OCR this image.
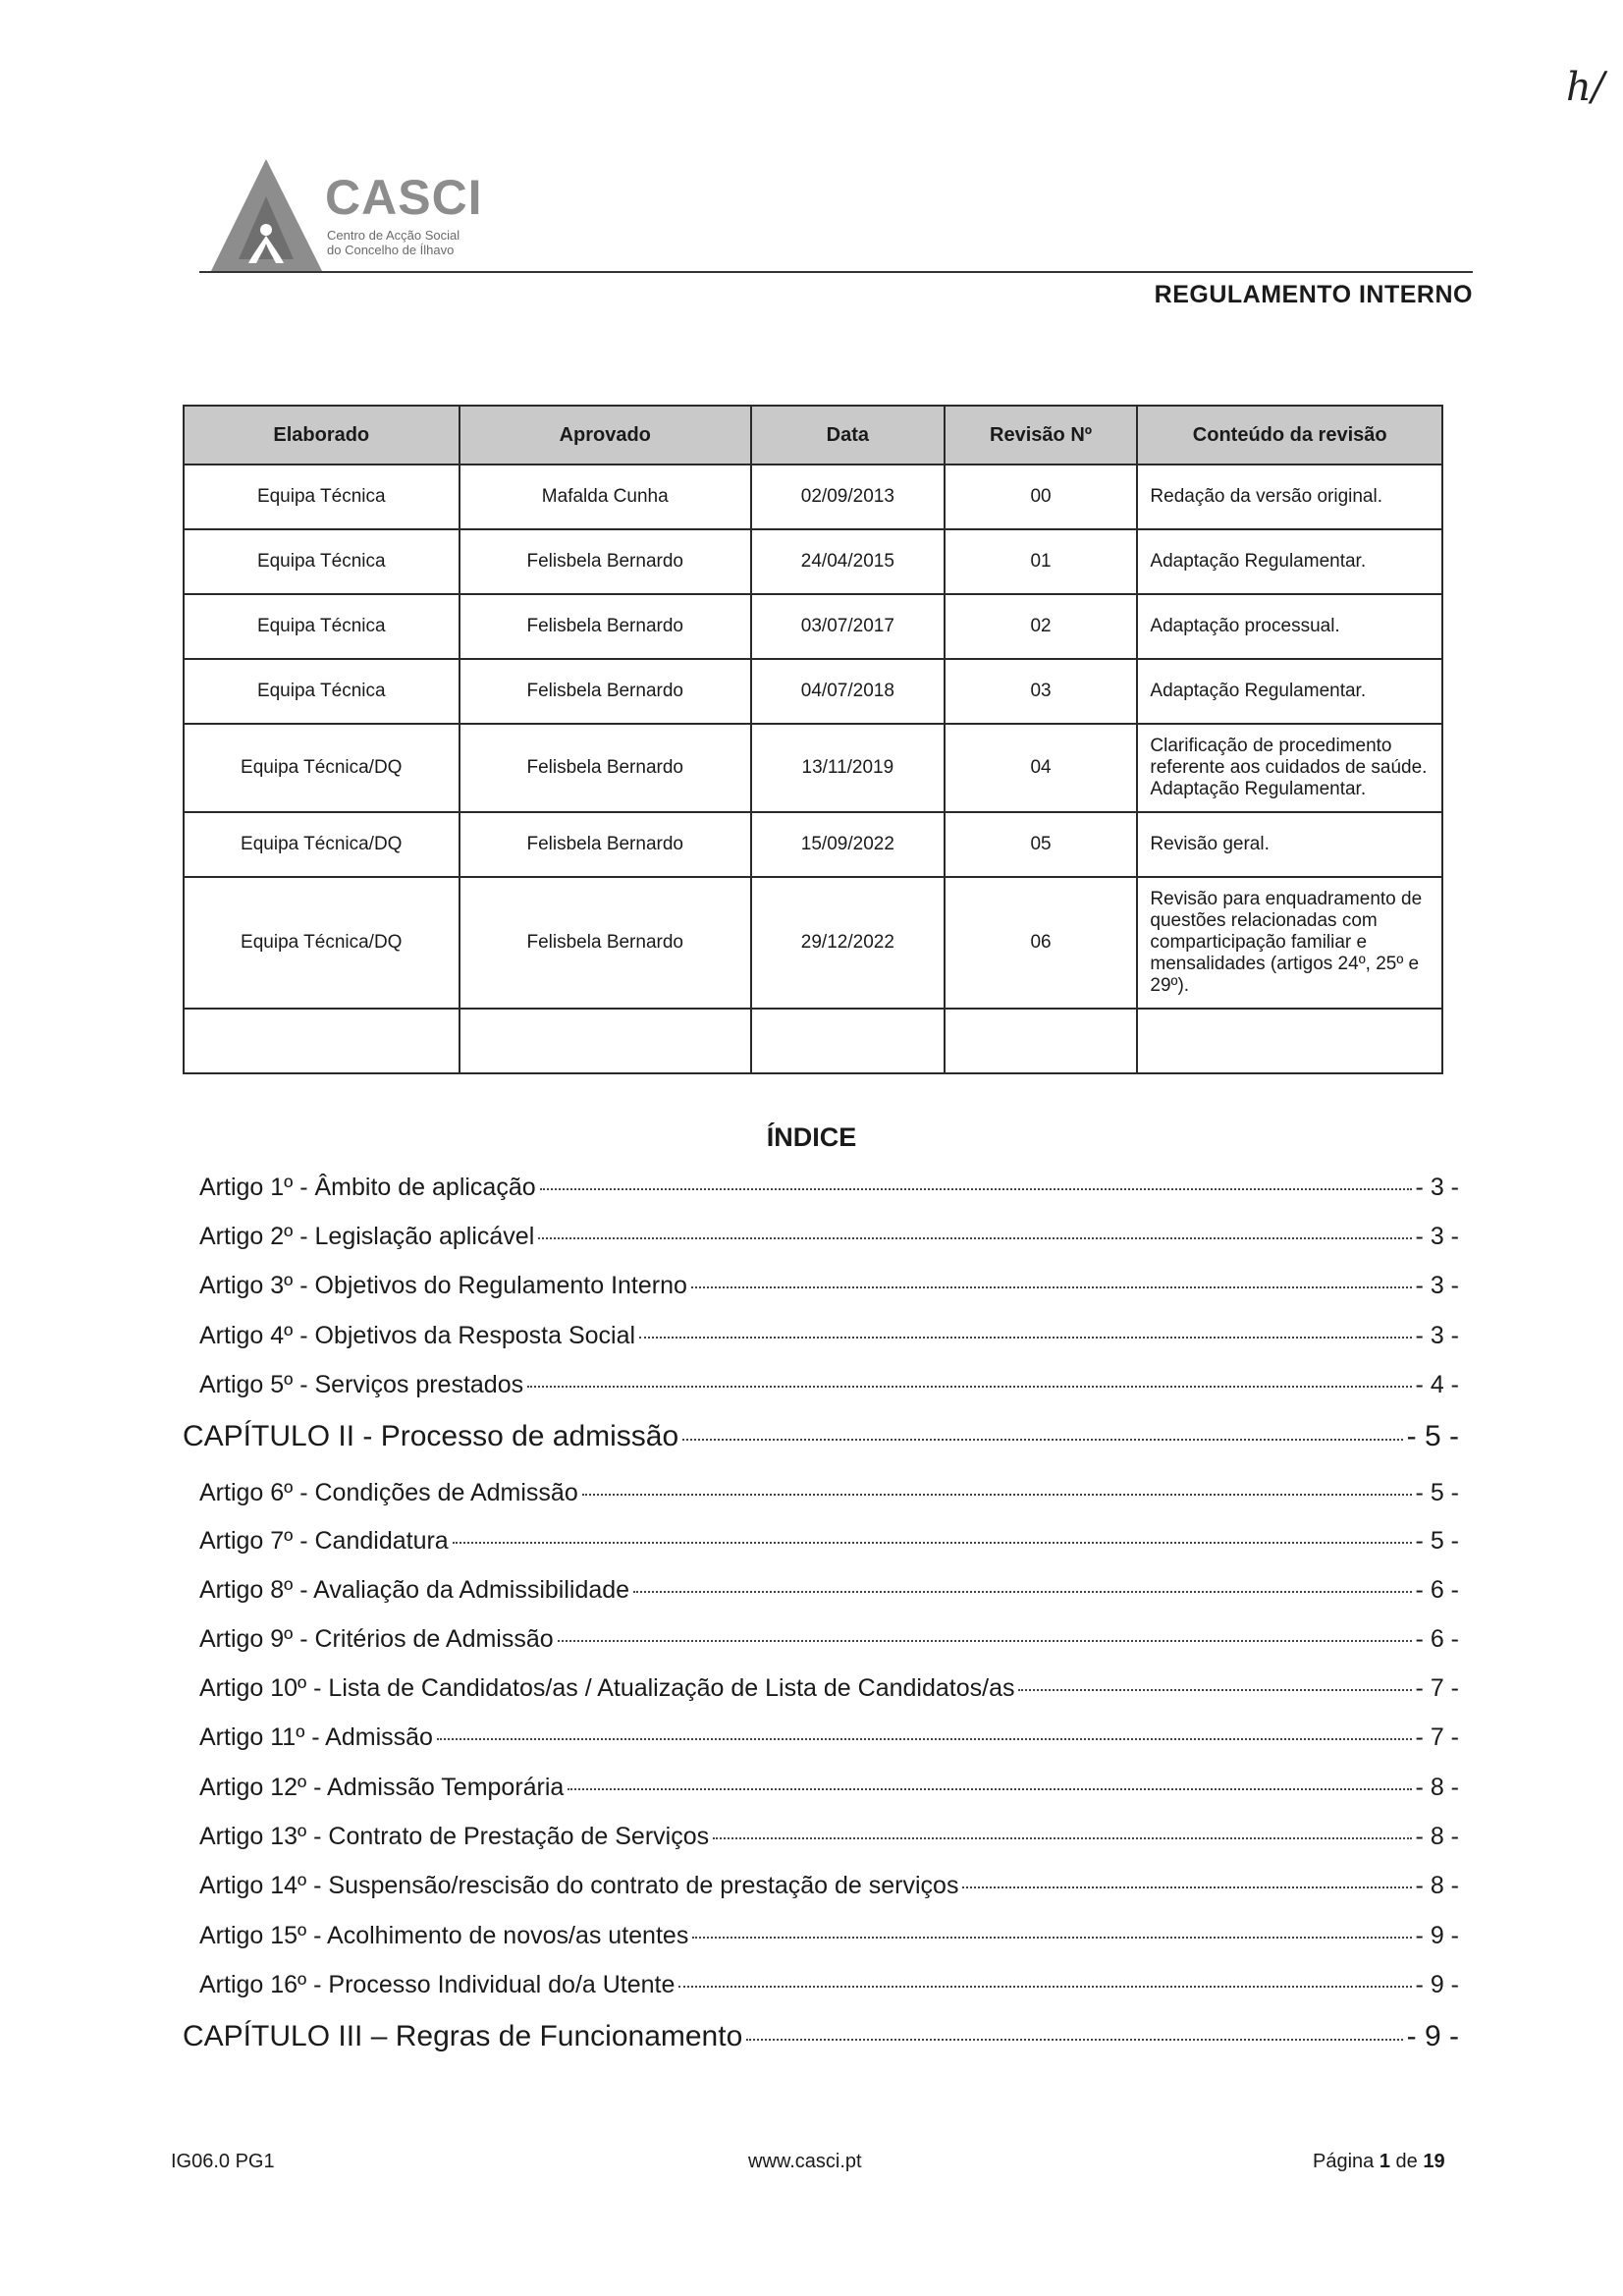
ℎ/
CASCI
Centro de Acção Social
do Concelho de Ílhavo
REGULAMENTO INTERNO
Elaborado	Aprovado	Data	Revisão Nº	Conteúdo da revisão
Equipa Técnica	Mafalda Cunha	02/09/2013	00	Redação da versão original.
Equipa Técnica	Felisbela Bernardo	24/04/2015	01	Adaptação Regulamentar.
Equipa Técnica	Felisbela Bernardo	03/07/2017	02	Adaptação processual.
Equipa Técnica	Felisbela Bernardo	04/07/2018	03	Adaptação Regulamentar.
Equipa Técnica/DQ	Felisbela Bernardo	13/11/2019	04	Clarificação de procedimento referente aos cuidados de saúde. Adaptação Regulamentar.
Equipa Técnica/DQ	Felisbela Bernardo	15/09/2022	05	Revisão geral.
Equipa Técnica/DQ	Felisbela Bernardo	29/12/2022	06	Revisão para enquadramento de questões relacionadas com comparticipação familiar e mensalidades (artigos 24º, 25º e 29º).

ÍNDICE
Artigo 1º - Âmbito de aplicação	- 3 -
Artigo 2º - Legislação aplicável	- 3 -
Artigo 3º - Objetivos do Regulamento Interno	- 3 -
Artigo 4º - Objetivos da Resposta Social	- 3 -
Artigo 5º - Serviços prestados	- 4 -
CAPÍTULO II - Processo de admissão	- 5 -
Artigo 6º - Condições de Admissão	- 5 -
Artigo 7º - Candidatura	- 5 -
Artigo 8º - Avaliação da Admissibilidade	- 6 -
Artigo 9º - Critérios de Admissão	- 6 -
Artigo 10º - Lista de Candidatos/as / Atualização de Lista de Candidatos/as	- 7 -
Artigo 11º - Admissão	- 7 -
Artigo 12º - Admissão Temporária	- 8 -
Artigo 13º - Contrato de Prestação de Serviços	- 8 -
Artigo 14º - Suspensão/rescisão do contrato de prestação de serviços	- 8 -
Artigo 15º - Acolhimento de novos/as utentes	- 9 -
Artigo 16º - Processo Individual do/a Utente	- 9 -
CAPÍTULO III – Regras de Funcionamento	- 9 -
IG06.0 PG1	www.casci.pt	Página 1 de 19
